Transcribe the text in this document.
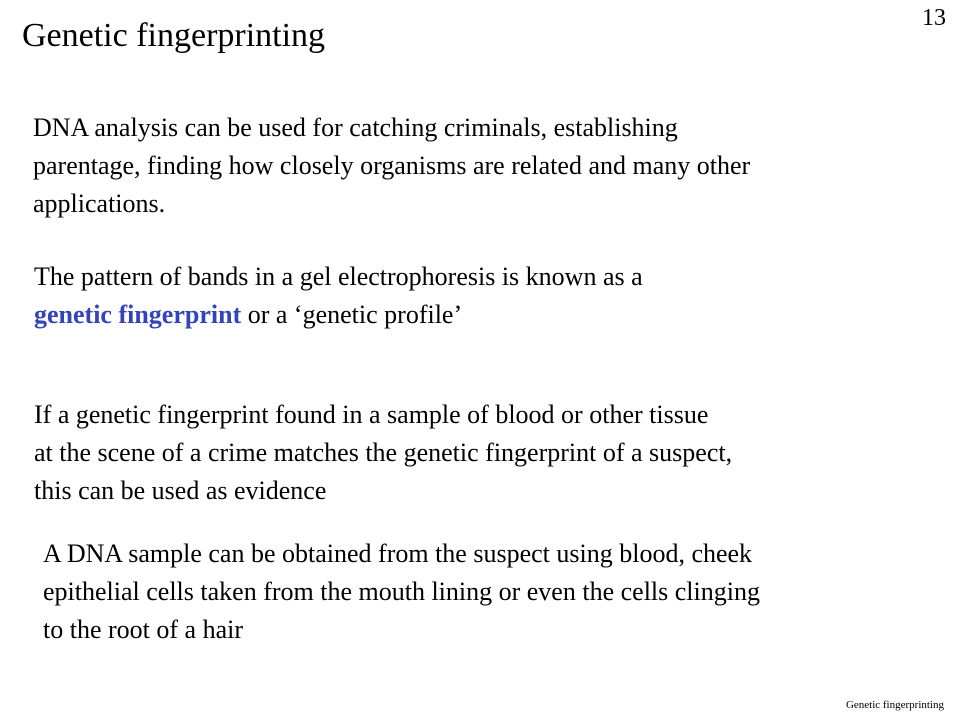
Genetic fingerprinting	13
DNA analysis can be used for catching criminals, establishing
parentage, finding how closely organisms are related and many other
applications.
The pattern of bands in a gel electrophoresis is known as a
genetic fingerprint or a ‘genetic profile’
If a genetic fingerprint found in a sample of blood or other tissue
at the scene of a crime matches the genetic fingerprint of a suspect,
this can be used as evidence
A DNA sample can be obtained from the suspect using blood, cheek
epithelial cells taken from the mouth lining or even the cells clinging
to the root of a hair
Genetic fingerprinting
